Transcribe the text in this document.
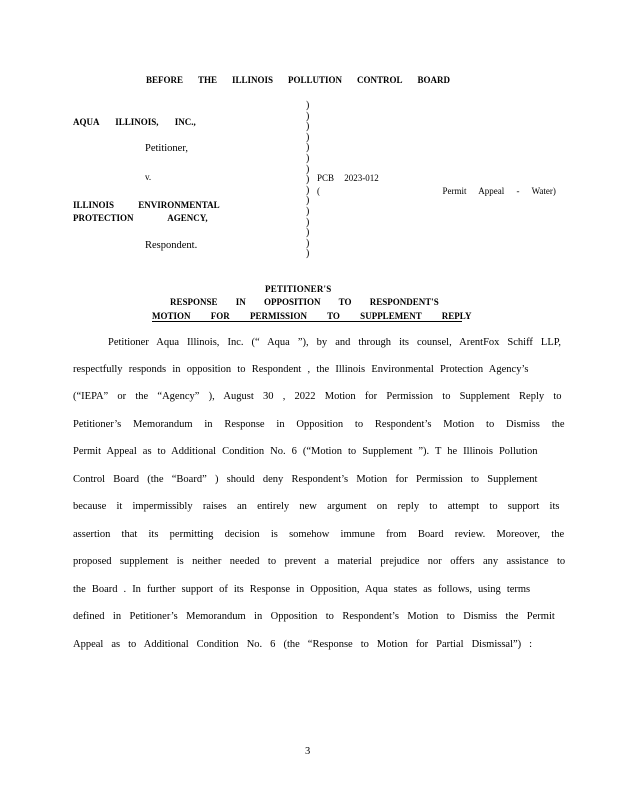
BEFORE THE ILLINOIS POLLUTION CONTROL BOARD
AQUA ILLINOIS, INC.,
Petitioner,
v.
ILLINOIS ENVIRONMENTAL
PROTECTION AGENCY,
Respondent.
)
)
)
)
)
)
)
)
)
)
)
)
)
)
)
PCB 2023-012
(          Permit Appeal - Water)
PETITIONER'S
RESPONSE IN OPPOSITION TO RESPONDENT'S
MOTION FOR PERMISSION TO SUPPLEMENT REPLY
Petitioner Aqua Illinois, Inc. (“ Aqua ”), by and through its counsel, ArentFox Schiff LLP,
respectfully responds in opposition to Respondent , the Illinois Environmental Protection Agency’s
(“IEPA” or the “Agency” ), August 30 , 2022 Motion for Permission to Supplement Reply to
Petitioner’s Memorandum in Response in Opposition to Respondent’s Motion to Dismiss the
Permit Appeal as to Additional Condition No. 6 (“Motion to Supplement ”). T he Illinois Pollution
Control Board (the “Board” ) should deny Respondent’s Motion for Permission to Supplement
because it impermissibly raises an entirely new argument on reply to attempt to support its
assertion that its permitting decision is somehow immune from Board review. Moreover, the
proposed supplement is neither needed to prevent a material prejudice nor offers any assistance to
the Board . In further support of its Response in Opposition, Aqua states as follows, using terms
defined in Petitioner’s Memorandum in Opposition to Respondent’s Motion to Dismiss the Permit
Appeal as to Additional Condition No. 6 (the “Response to Motion for Partial Dismissal”) :
3
